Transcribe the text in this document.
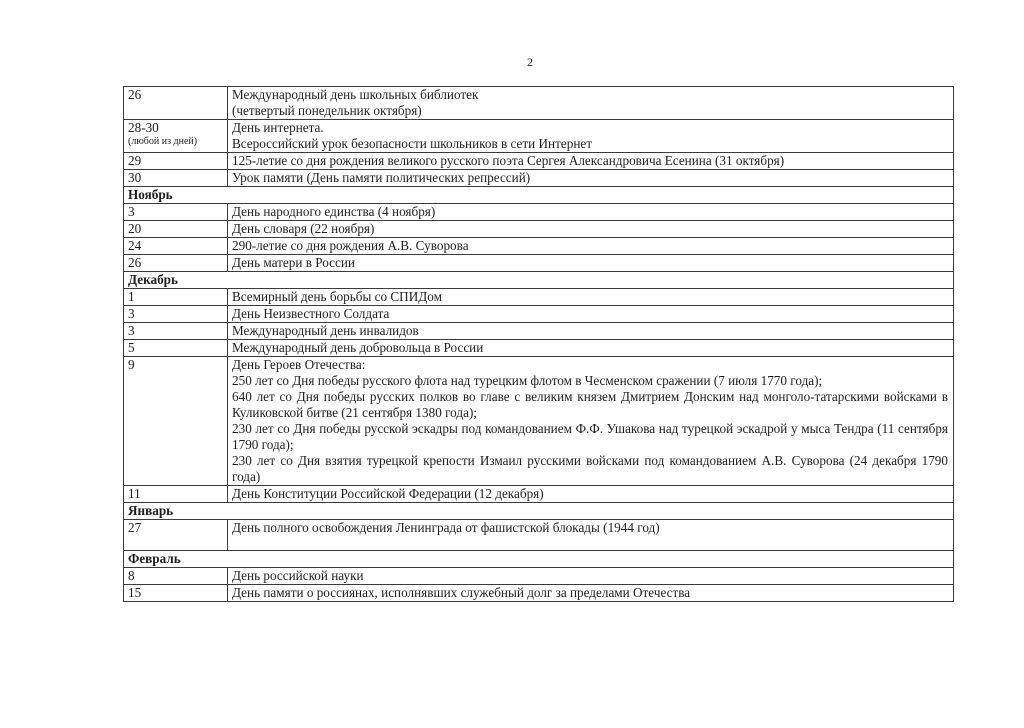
2
26	Международный день школьных библиотек
(четвертый понедельник октября)

28-30
(любой из дней)	День интернета.
Всероссийский урок безопасности школьников в сети Интернет

29	125-летие со дня рождения великого русского поэта Сергея Александровича Есенина (31 октября)

30	Урок памяти (День памяти политических репрессий)

Ноябрь	
3	День народного единства (4 ноября)

20	День словаря (22 ноября)

24	290-летие со дня рождения А.В. Суворова

26	День матери в России

Декабрь	
1	Всемирный день борьбы со СПИДом

3	День Неизвестного Солдата

3	Международный день инвалидов

5	Международный день добровольца в России

9	День Героев Отечества:
250 лет со Дня победы русского флота над турецким флотом в Чесменском сражении (7 июля 1770 года);
640 лет со Дня победы русских полков во главе с великим князем Дмитрием Донским над монголо-татарскими войсками в Куликовской битве (21 сентября 1380 года);
230 лет со Дня победы русской эскадры под командованием Ф.Ф. Ушакова над турецкой эскадрой у мыса Тендра (11 сентября 1790 года);
230 лет со Дня взятия турецкой крепости Измаил русскими войсками под командованием А.В. Суворова (24 декабря 1790 года)

11	День Конституции Российской Федерации (12 декабря)

Январь	
27	День полного освобождения Ленинграда от фашистской блокады (1944 год)

Февраль	
8	День российской науки

15	День памяти о россиянах, исполнявших служебный долг за пределами Отечества
